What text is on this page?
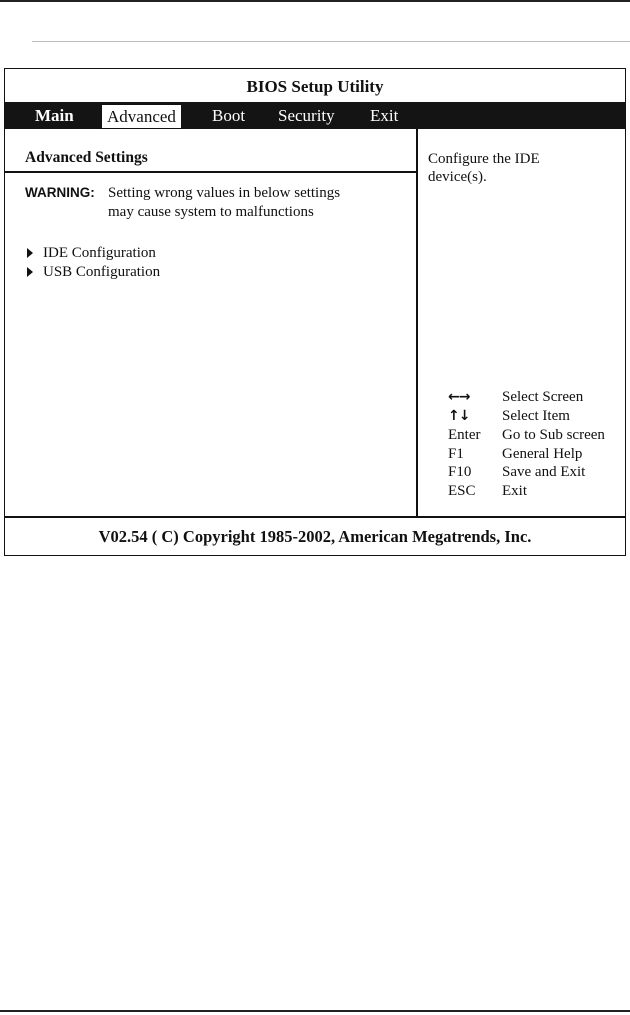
BIOS Setup Utility
Main	Advanced	Boot Security Exit
Advanced Settings
WARNING: Setting wrong values in below settings
may cause system to malfunctions
IDE Configuration
USB Configuration
Configure the IDE
device(s).
←→	Select Screen
↑↓	Select Item
Enter	Go to Sub screen
F1	General Help
F10	Save and Exit
ESC	Exit
V02.54 ( C) Copyright 1985-2002, American Megatrends, Inc.
